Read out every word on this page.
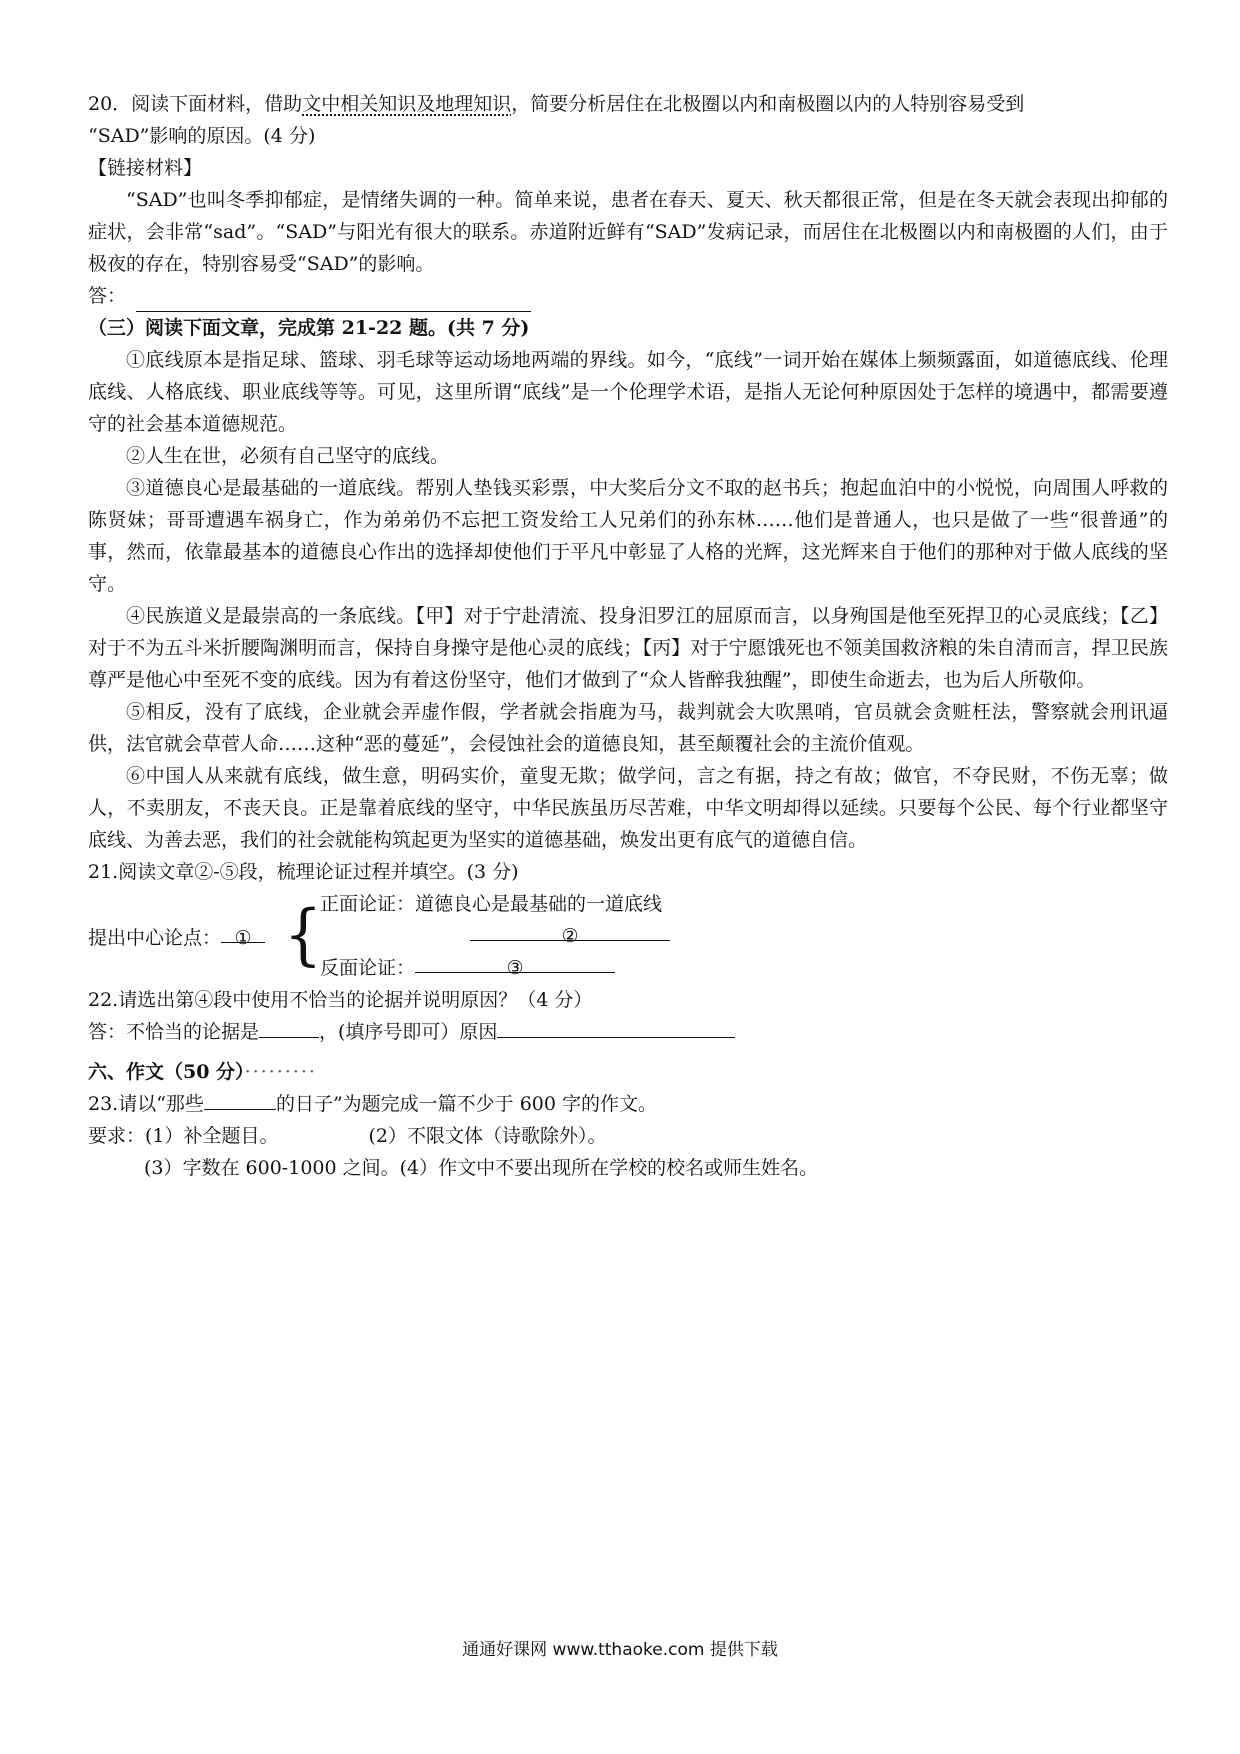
20．阅读下面材料，借助文中相关知识及地理知识，简要分析居住在北极圈以内和南极圈以内的人特别容易受到
“SAD”影响的原因。(4 分)
【链接材料】
“SAD”也叫冬季抑郁症，是情绪失调的一种。简单来说，患者在春天、夏天、秋天都很正常，但是在冬天就会表现出抑郁的症状，会非常“sad”。“SAD”与阳光有很大的联系。赤道附近鲜有“SAD”发病记录，而居住在北极圈以内和南极圈的人们，由于极夜的存在，特别容易受“SAD”的影响。
答：
（三）阅读下面文章，完成第 21-22 题。(共 7 分)
①底线原本是指足球、篮球、羽毛球等运动场地两端的界线。如今，“底线”一词开始在媒体上频频露面，如道德底线、伦理底线、人格底线、职业底线等等。可见，这里所谓“底线”是一个伦理学术语，是指人无论何种原因处于怎样的境遇中，都需要遵守的社会基本道德规范。
②人生在世，必须有自己坚守的底线。
③道德良心是最基础的一道底线。帮别人垫钱买彩票，中大奖后分文不取的赵书兵；抱起血泊中的小悦悦，向周围人呼救的陈贤妹；哥哥遭遇车祸身亡，作为弟弟仍不忘把工资发给工人兄弟们的孙东林……他们是普通人，也只是做了一些“很普通”的事，然而，依靠最基本的道德良心作出的选择却使他们于平凡中彰显了人格的光辉，这光辉来自于他们的那种对于做人底线的坚守。
④民族道义是最崇高的一条底线。【甲】对于宁赴清流、投身汨罗江的屈原而言，以身殉国是他至死捍卫的心灵底线；【乙】对于不为五斗米折腰陶渊明而言，保持自身操守是他心灵的底线；【丙】对于宁愿饿死也不领美国救济粮的朱自清而言，捍卫民族尊严是他心中至死不变的底线。因为有着这份坚守，他们才做到了“众人皆醉我独醒”，即使生命逝去，也为后人所敬仰。
⑤相反，没有了底线，企业就会弄虚作假，学者就会指鹿为马，裁判就会大吹黑哨，官员就会贪赃枉法，警察就会刑讯逼供，法官就会草菅人命……这种“恶的蔓延”，会侵蚀社会的道德良知，甚至颠覆社会的主流价值观。
⑥中国人从来就有底线，做生意，明码实价，童叟无欺；做学问，言之有据，持之有故；做官，不夺民财，不伤无辜；做人，不卖朋友，不丧天良。正是靠着底线的坚守，中华民族虽历尽苦难，中华文明却得以延续。只要每个公民、每个行业都坚守底线、为善去恶，我们的社会就能构筑起更为坚实的道德基础，焕发出更有底气的道德自信。
21.阅读文章②-⑤段，梳理论证过程并填空。(3 分)
提出中心论点： ① {
正面论证：道德良心是最基础的一道底线
②
反面论证：	③
22.请选出第④段中使用不恰当的论据并说明原因？（4 分）
答：不恰当的论据是	，(填序号即可）原因
六、作文（50 分）·········
23.请以“那些	的日子”为题完成一篇不少于 600 字的作文。
要求：(1）补全题目。	(2）不限文体（诗歌除外）。
(3）字数在 600-1000 之间。(4）作文中不要出现所在学校的校名或师生姓名。
通通好课网 www.tthaoke.com 提供下载
